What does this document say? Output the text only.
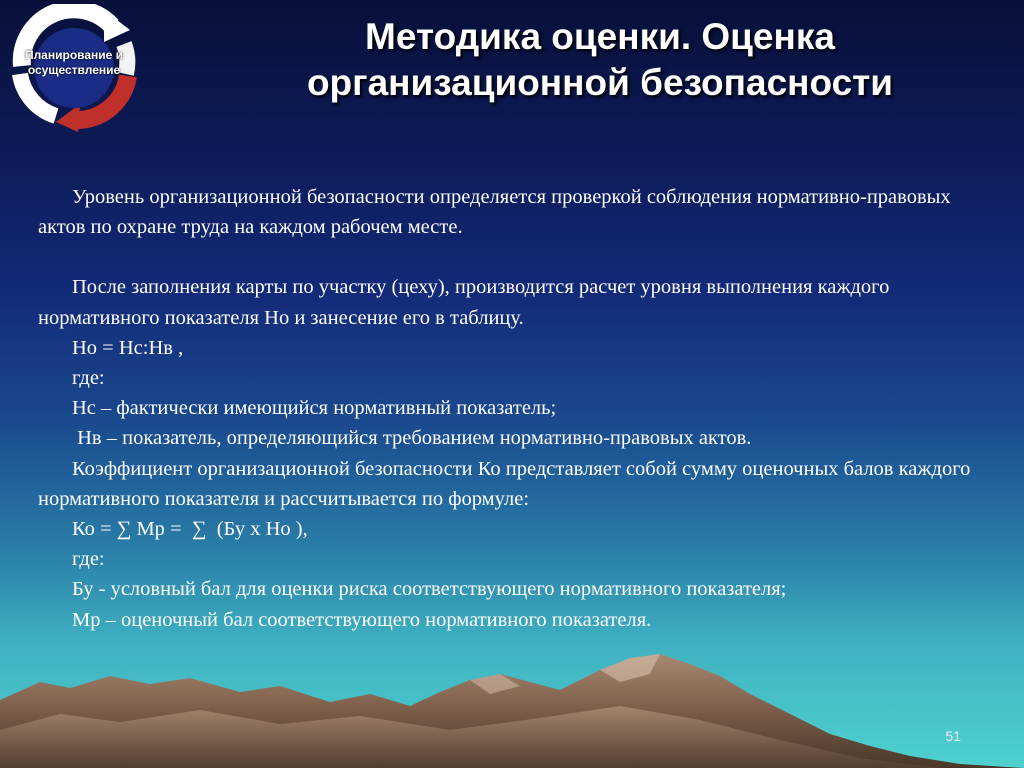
Планирование и осуществление
Методика оценки. Оценка организационной безопасности

Уровень организационной безопасности определяется проверкой соблюдения нормативно-правовых актов по охране труда на каждом рабочем месте.

После заполнения карты по участку (цеху), производится расчет уровня выполнения каждого нормативного показателя Но и занесение его в таблицу.

Но = Нс:Нв ,

где:

Нс – фактически имеющийся нормативный показатель;

Нв – показатель, определяющийся требованием нормативно-правовых актов.

Коэффициент организационной безопасности Ко представляет собой сумму оценочных балов каждого нормативного показателя и рассчитывается по формуле:

Ко = ∑ Мр =  ∑  (Бу х Но ),

где:

Бу - условный бал для оценки риска соответствующего нормативного показателя;

Мр – оценочный бал соответствующего нормативного показателя.

51
